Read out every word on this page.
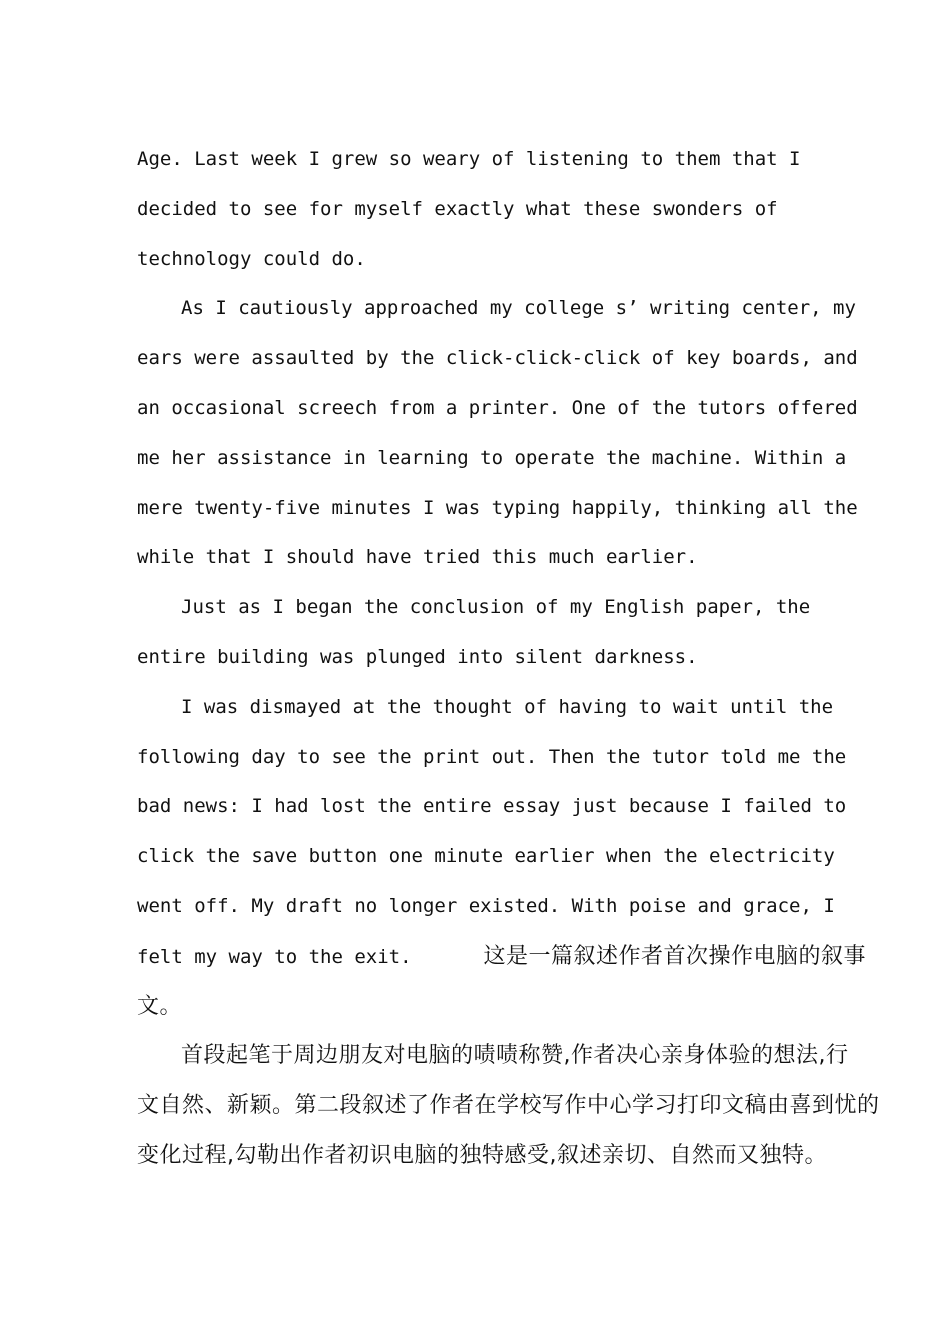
Age. Last week I grew so weary of listening to them that I
decided to see for myself exactly what these swonders of
technology could do.
As I cautiously approached my college s’ writing center, my
ears were assaulted by the click-click-click of key boards, and
an occasional screech from a printer. One of the tutors offered
me her assistance in learning to operate the machine. Within a
mere twenty-five minutes I was typing happily, thinking all the
while that I should have tried this much earlier.
Just as I began the conclusion of my English paper, the
entire building was plunged into silent darkness.
I was dismayed at the thought of having to wait until the
following day to see the print out. Then the tutor told me the
bad news: I had lost the entire essay just because I failed to
click the save button one minute earlier when the electricity
went off. My draft no longer existed. With poise and grace, I
felt my way to the exit.	这是一篇叙述作者首次操作电脑的叙事
文。
首段起笔于周边朋友对电脑的啧啧称赞,作者决心亲身体验的想法,行
文自然、新颖。第二段叙述了作者在学校写作中心学习打印文稿由喜到忧的
变化过程,勾勒出作者初识电脑的独特感受,叙述亲切、自然而又独特。
